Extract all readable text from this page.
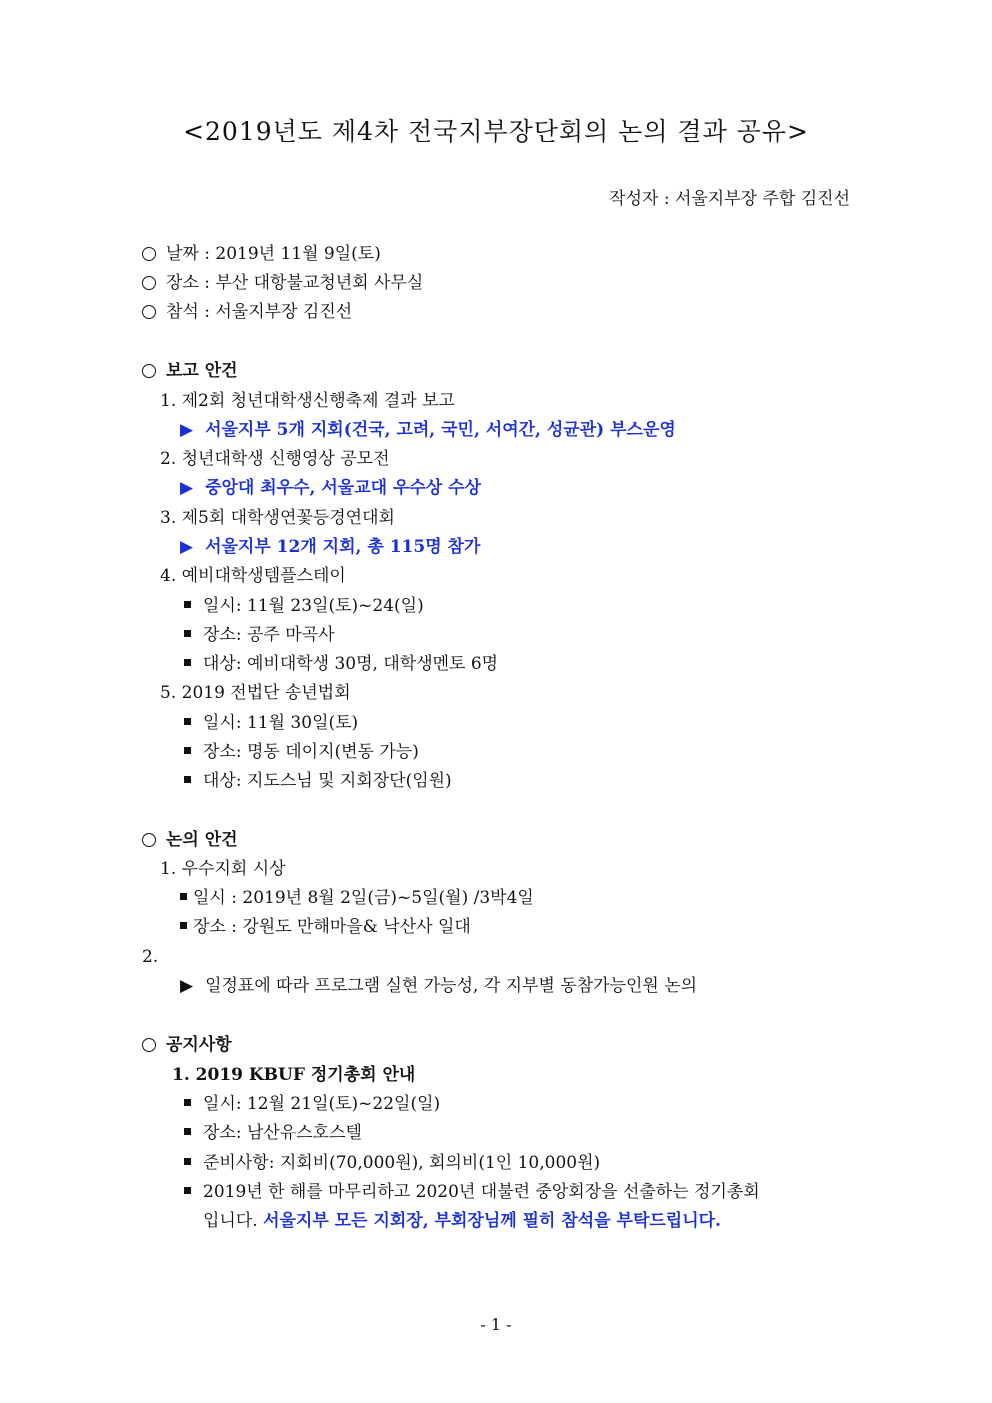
<2019년도 제4차 전국지부장단회의 논의 결과 공유>
작성자 : 서울지부장 주합 김진선
날짜 : 2019년 11월 9일(토)
장소 : 부산 대항불교청년회 사무실
참석 : 서울지부장 김진선
보고 안건
1. 제2회 청년대학생신행축제 결과 보고
▶ 서울지부 5개 지회(건국, 고려, 국민, 서여간, 성균관) 부스운영
2. 청년대학생 신행영상 공모전
▶ 중앙대 최우수, 서울교대 우수상 수상
3. 제5회 대학생연꽃등경연대회
▶ 서울지부 12개 지회, 총 115명 참가
4. 예비대학생템플스테이
일시: 11월 23일(토)~24(일)
장소: 공주 마곡사
대상: 예비대학생 30명, 대학생멘토 6명
5. 2019 전법단 송년법회
일시: 11월 30일(토)
장소: 명동 데이지(변동 가능)
대상: 지도스님 및 지회장단(임원)
논의 안건
1. 우수지회 시상
일시 : 2019년 8월 2일(금)~5일(월) /3박4일
장소 : 강원도 만해마을& 낙산사 일대
2.
▶ 일정표에 따라 프로그램 실현 가능성, 각 지부별 동참가능인원 논의
공지사항
1. 2019 KBUF 정기총회 안내
일시: 12월 21일(토)~22일(일)
장소: 남산유스호스텔
준비사항: 지회비(70,000원), 회의비(1인 10,000원)
2019년 한 해를 마무리하고 2020년 대불련 중앙회장을 선출하는 정기총회
입니다. 서울지부 모든 지회장, 부회장님께 필히 참석을 부탁드립니다.
- 1 -
